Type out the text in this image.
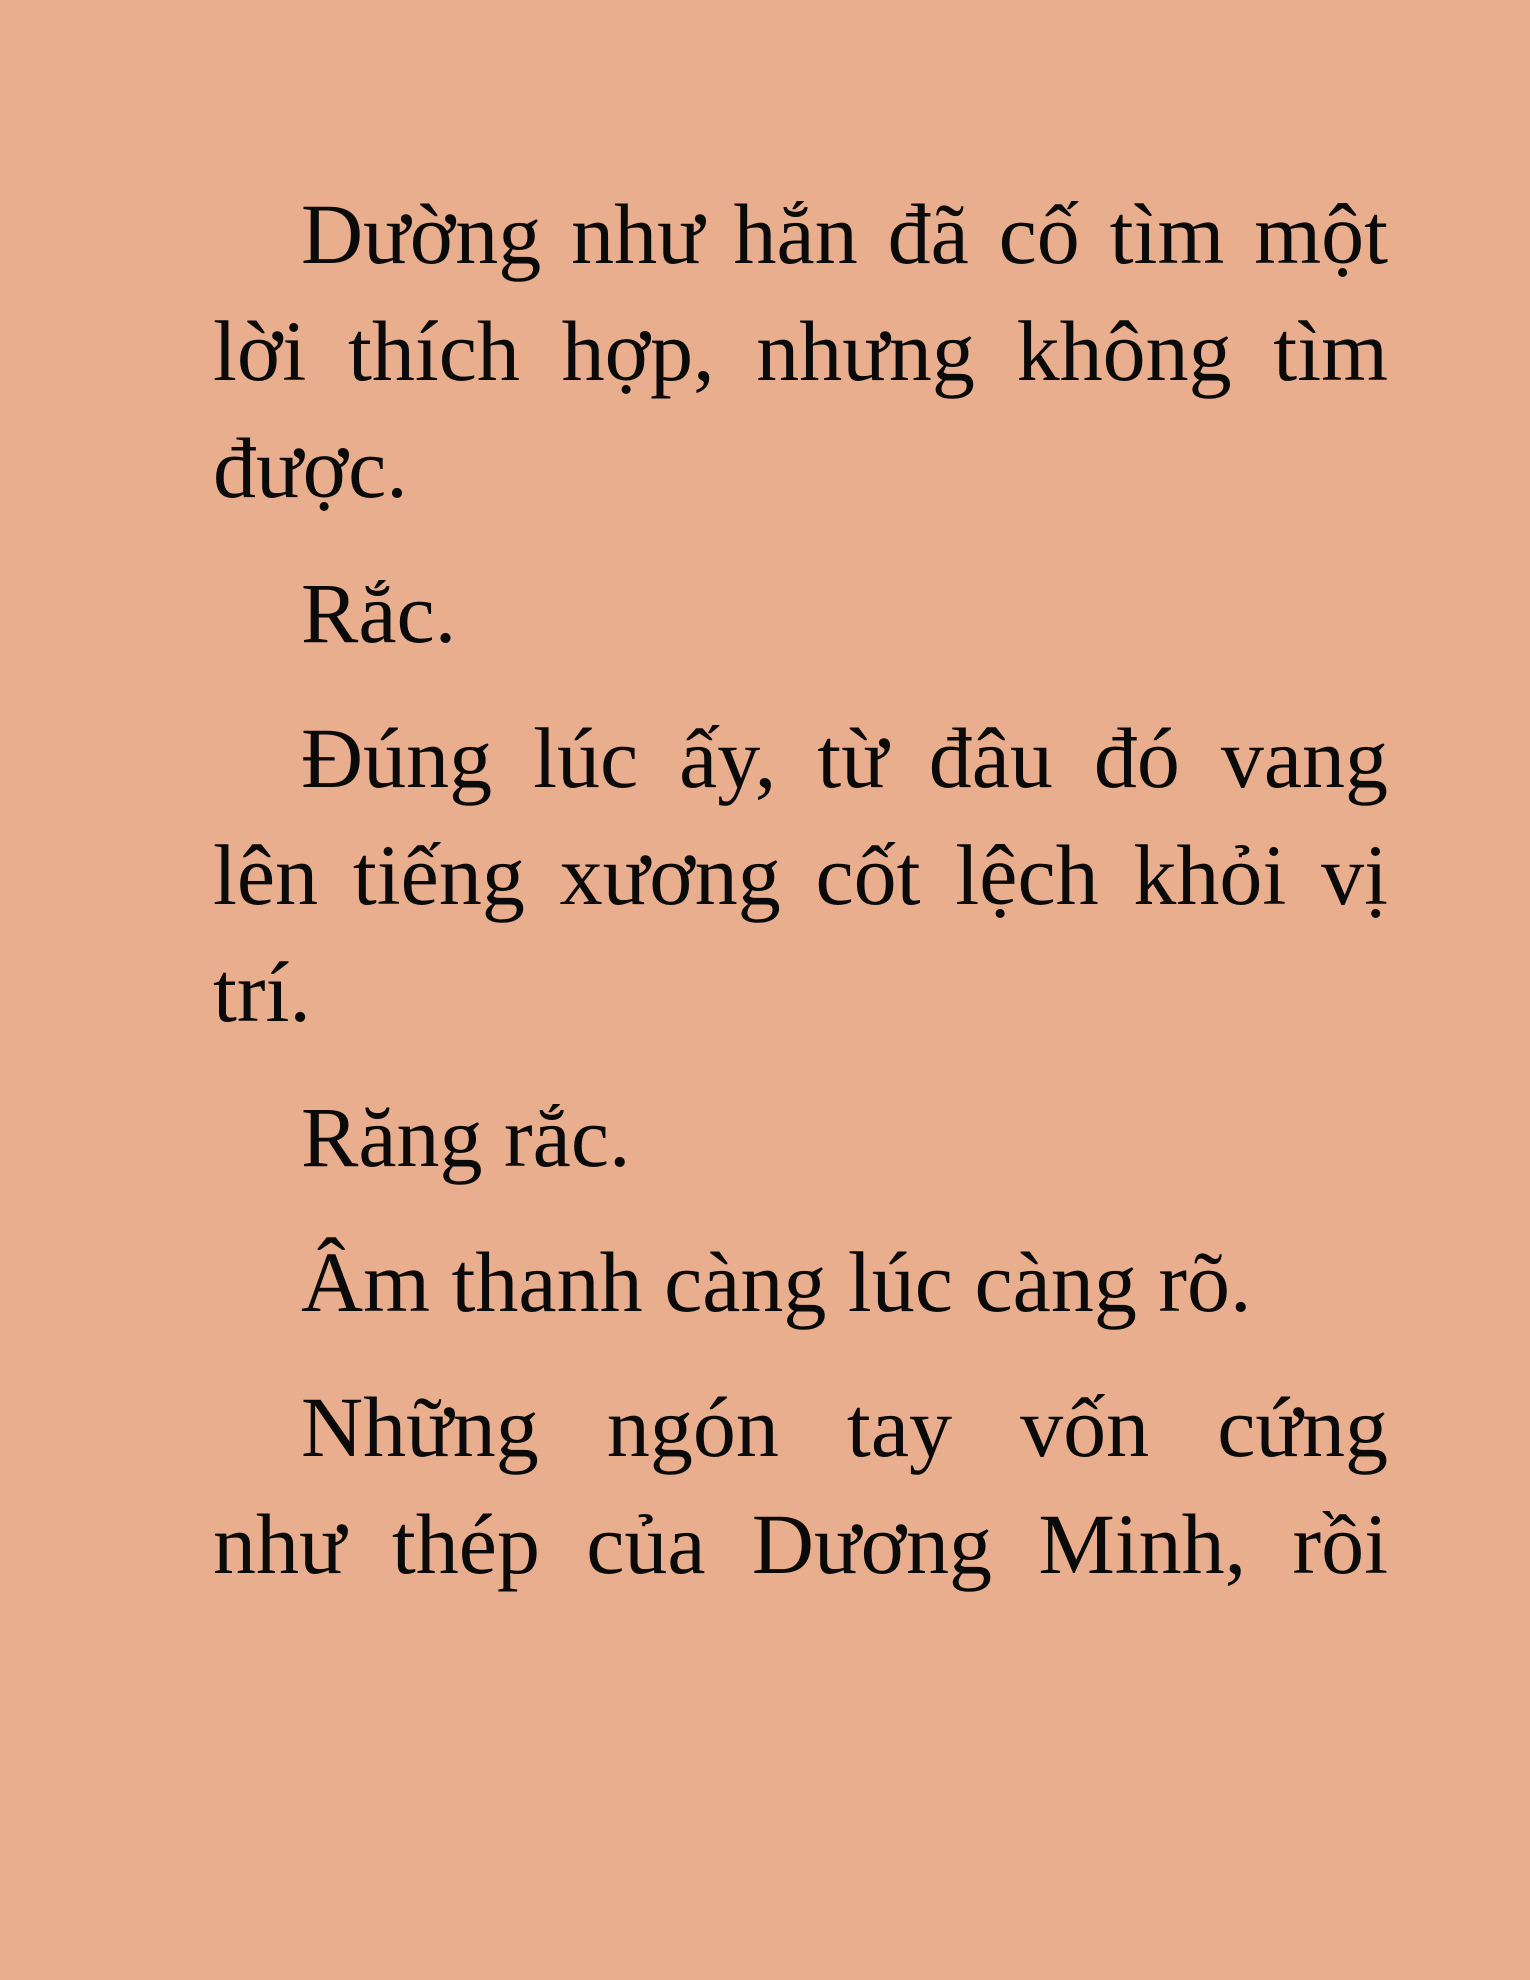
Dường như hắn đã cố tìm một
lời thích hợp, nhưng không tìm
được.

Rắc.

Đúng lúc ấy, từ đâu đó vang
lên tiếng xương cốt lệch khỏi vị
trí.

Răng rắc.

Âm thanh càng lúc càng rõ.

Những ngón tay vốn cứng
như thép của Dương Minh, rồi
